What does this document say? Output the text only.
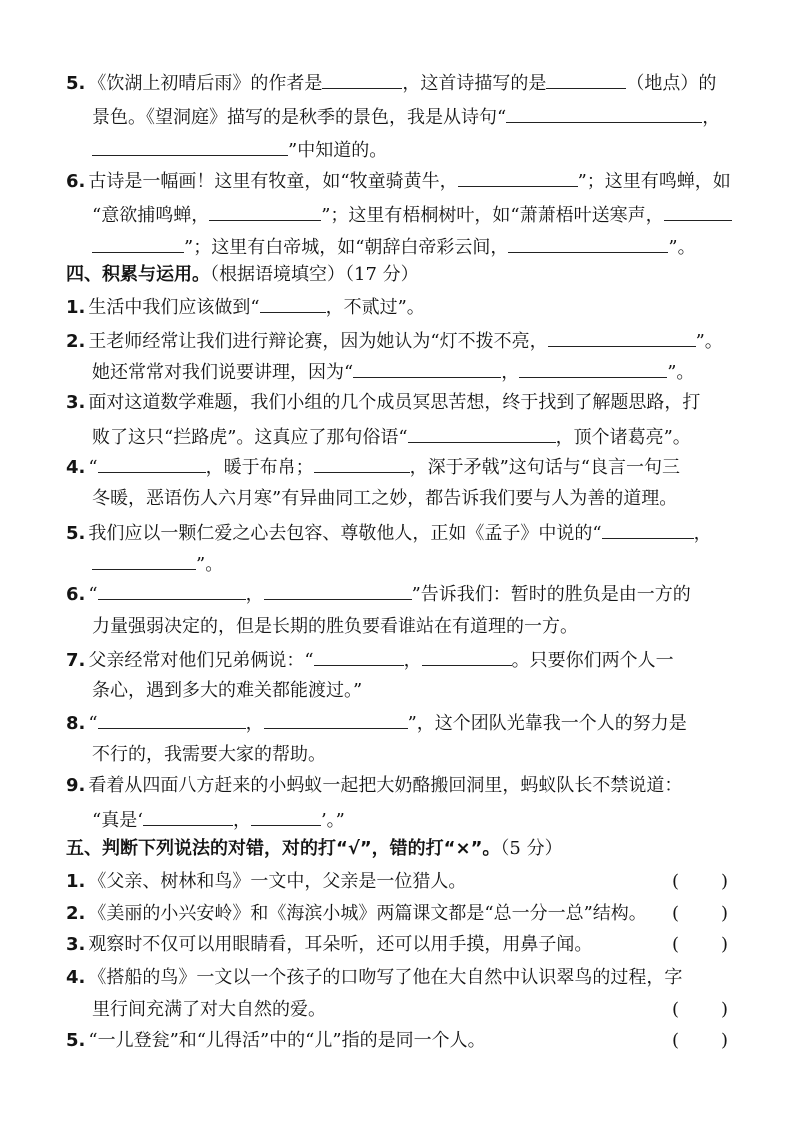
5. 《饮湖上初晴后雨》的作者是	，这首诗描写的是	（地点）的
景色。《望洞庭》描写的是秋季的景色，我是从诗句“	，
”中知道的。
6. 古诗是一幅画！这里有牧童，如“牧童骑黄牛，	”；这里有鸣蝉，如
“意欲捕鸣蝉，	”；这里有梧桐树叶，如“萧萧梧叶送寒声，
”；这里有白帝城，如“朝辞白帝彩云间，	”。
四、积累与运用。（根据语境填空）（17 分）
1. 生活中我们应该做到“	，不贰过”。
2. 王老师经常让我们进行辩论赛，因为她认为“灯不拨不亮，	”。
她还常常对我们说要讲理，因为“	，	”。
3. 面对这道数学难题，我们小组的几个成员冥思苦想，终于找到了解题思路，打
败了这只“拦路虎”。这真应了那句俗语“	，顶个诸葛亮”。
4. “	，暖于布帛；	，深于矛戟”这句话与“良言一句三
冬暖，恶语伤人六月寒”有异曲同工之妙，都告诉我们要与人为善的道理。
5. 我们应以一颗仁爱之心去包容、尊敬他人，正如《孟子》中说的“	，
”。
6. “	，	”告诉我们：暂时的胜负是由一方的
力量强弱决定的，但是长期的胜负要看谁站在有道理的一方。
7. 父亲经常对他们兄弟俩说：“	，	。只要你们两个人一
条心，遇到多大的难关都能渡过。”
8. “	，	”，这个团队光靠我一个人的努力是
不行的，我需要大家的帮助。
9. 看着从四面八方赶来的小蚂蚁一起把大奶酪搬回洞里，蚂蚁队长不禁说道：
“真是‘	，	’。”
五、判断下列说法的对错，对的打“√”，错的打“×”。（5 分）
1. 《父亲、树林和鸟》一文中，父亲是一位猎人。	( )
2. 《美丽的小兴安岭》和《海滨小城》两篇课文都是“总一分一总”结构。 ( )
3. 观察时不仅可以用眼睛看，耳朵听，还可以用手摸，用鼻子闻。	( )
4. 《搭船的鸟》一文以一个孩子的口吻写了他在大自然中认识翠鸟的过程，字
里行间充满了对大自然的爱。	( )
5. “一儿登瓮”和“儿得活”中的“儿”指的是同一个人。	( )
